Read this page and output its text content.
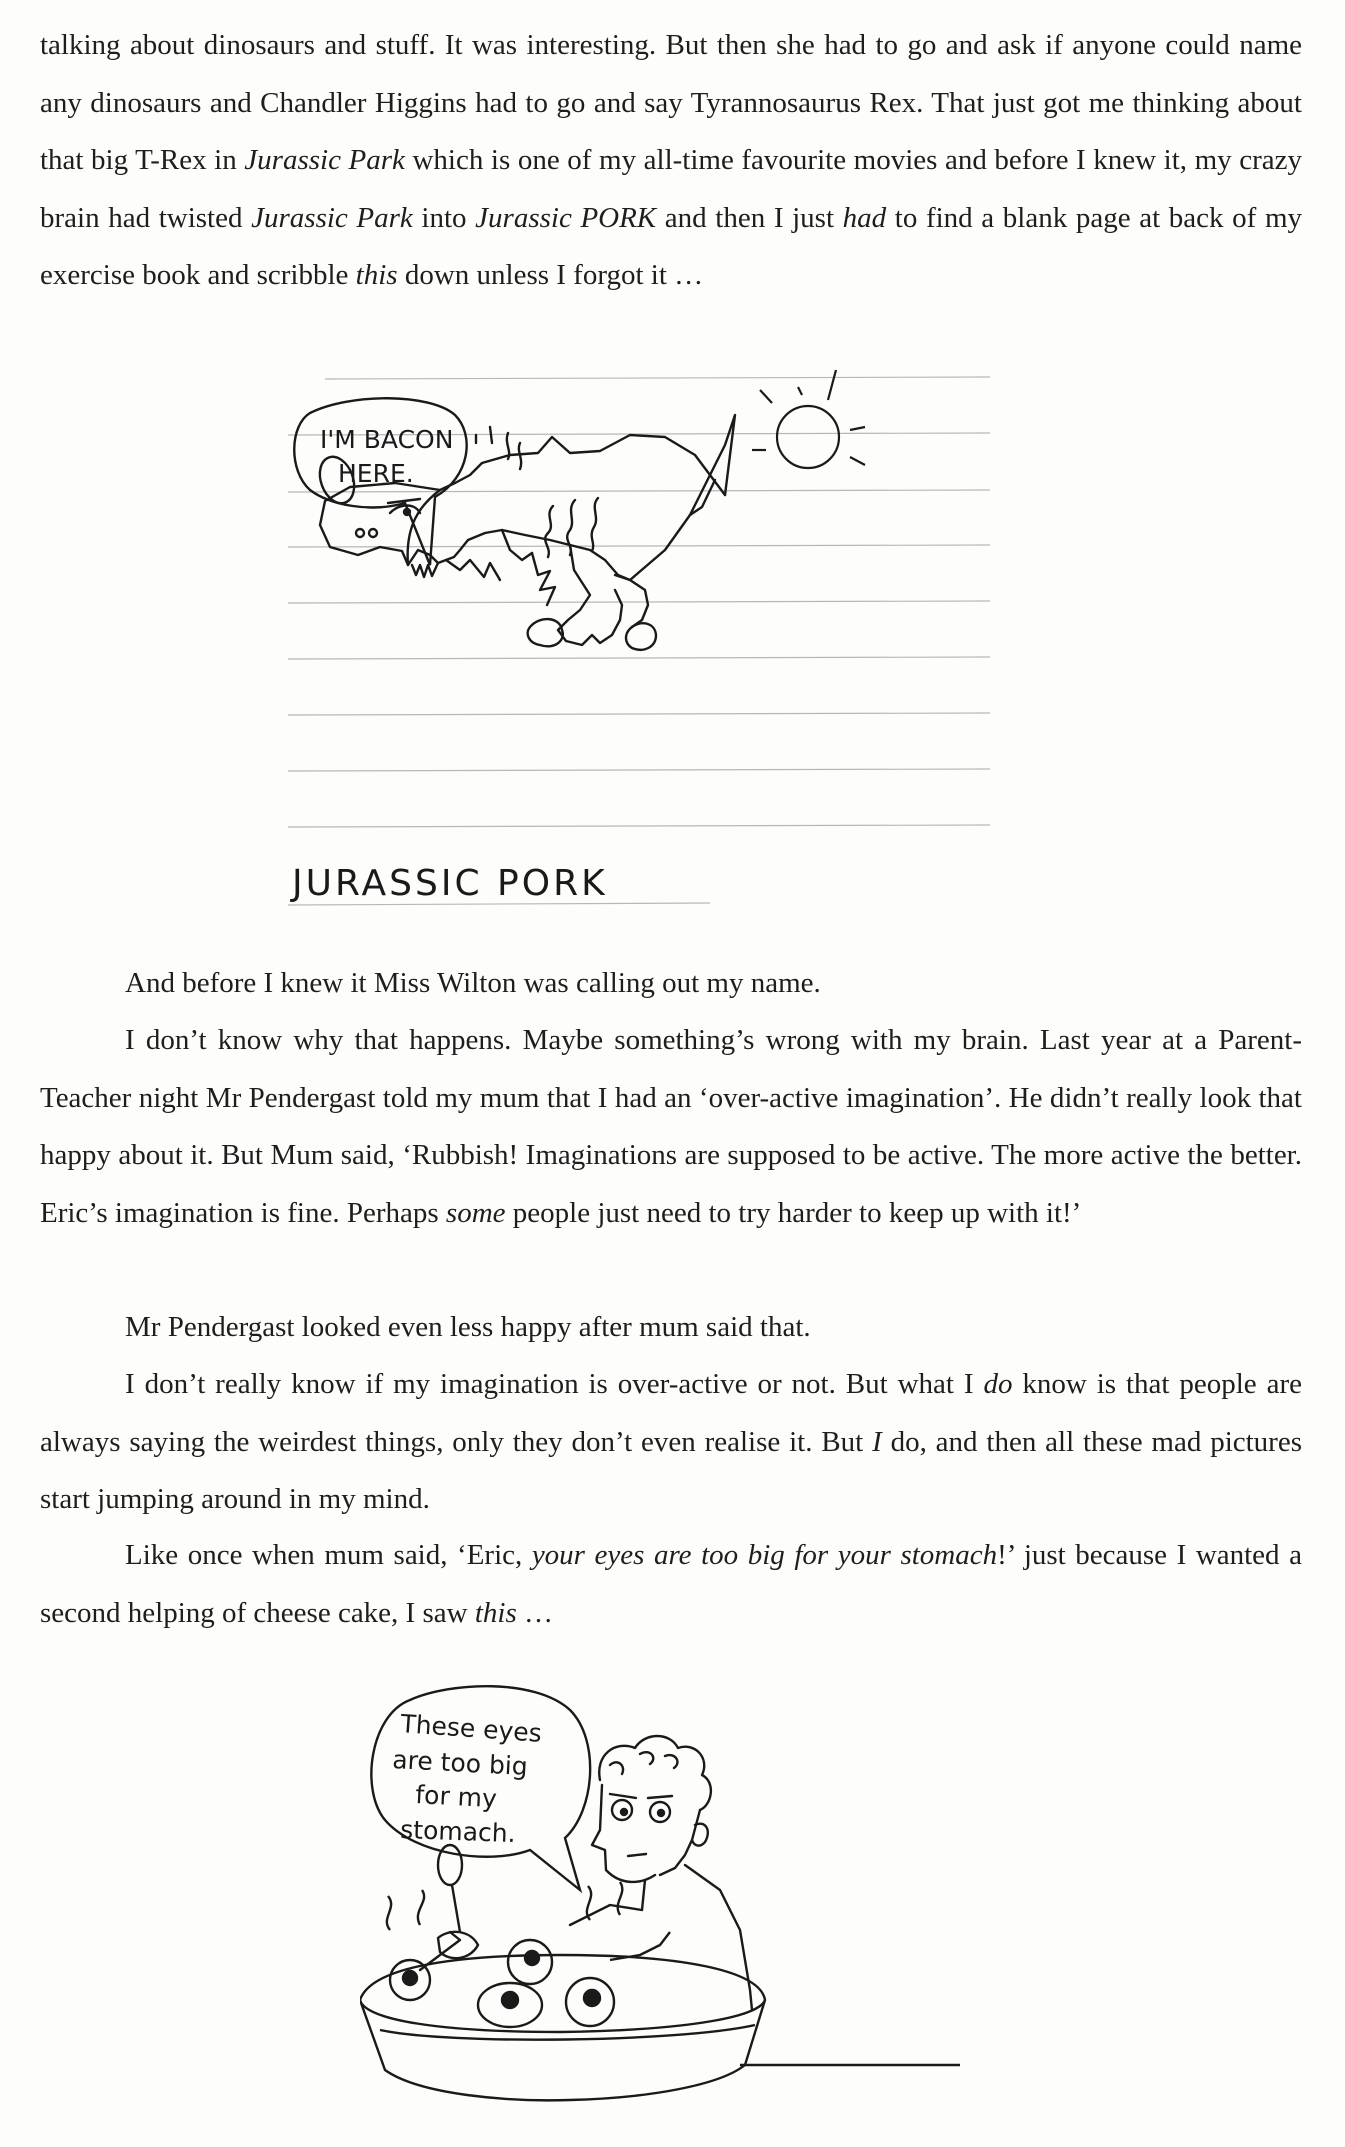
talking about dinosaurs and stuff. It was interesting. But then she had to go and ask if anyone could name any dinosaurs and Chandler Higgins had to go and say Tyrannosaurus Rex. That just got me thinking about that big T-Rex in Jurassic Park which is one of my all-time favourite movies and before I knew it, my crazy brain had twisted Jurassic Park into Jurassic PORK and then I just had to find a blank page at back of my exercise book and scribble this down unless I forgot it …

I'M BACON
HERE.
JURASSIC PORK

And before I knew it Miss Wilton was calling out my name.

I don’t know why that happens. Maybe something’s wrong with my brain. Last year at a Parent-Teacher night Mr Pendergast told my mum that I had an ‘over-active imagination’. He didn’t really look that happy about it. But Mum said, ‘Rubbish! Imaginations are supposed to be active. The more active the better. Eric’s imagination is fine. Perhaps some people just need to try harder to keep up with it!’

Mr Pendergast looked even less happy after mum said that.

I don’t really know if my imagination is over-active or not. But what I do know is that people are always saying the weirdest things, only they don’t even realise it. But I do, and then all these mad pictures start jumping around in my mind.

Like once when mum said, ‘Eric, your eyes are too big for your stomach!’ just because I wanted a second helping of cheese cake, I saw this …

These eyes
are too big
for my
stomach.
